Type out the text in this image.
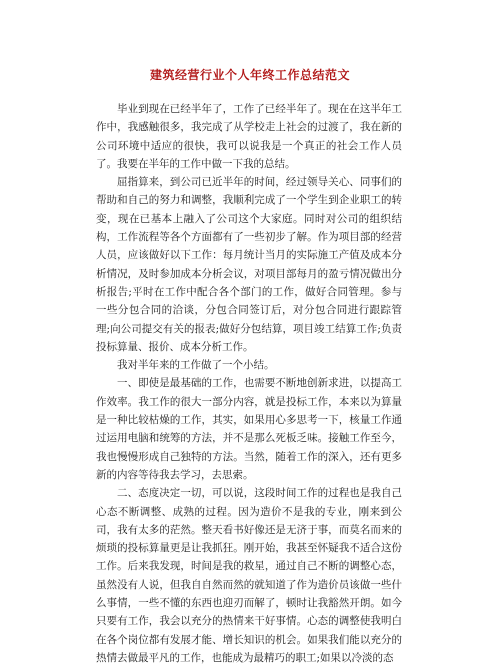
建筑经营行业个人年终工作总结范文

毕业到现在已经半年了，工作了已经半年了。现在在这半年工作中，我感触很多，我完成了从学校走上社会的过渡了，我在新的公司环境中适应的很快，我可以说我是一个真正的社会工作人员了。我要在半年的工作中做一下我的总结。

屈指算来，到公司已近半年的时间，经过领导关心、同事们的帮助和自己的努力和调整，我顺利完成了一个学生到企业职工的转变，现在已基本上融入了公司这个大家庭。同时对公司的组织结构，工作流程等各个方面都有了一些初步了解。作为项目部的经营人员，应该做好以下工作：每月统计当月的实际施工产值及成本分析情况，及时参加成本分析会议，对项目部每月的盈亏情况做出分析报告;平时在工作中配合各个部门的工作，做好合同管理。参与一些分包合同的洽谈，分包合同签订后，对分包合同进行跟踪管理;向公司提交有关的报表;做好分包结算，项目竣工结算工作;负责投标算量、报价、成本分析工作。

我对半年来的工作做了一个小结。

一、即使是最基础的工作，也需要不断地创新求进，以提高工作效率。我工作的很大一部分内容，就是投标工作，本来以为算量是一种比较枯燥的工作，其实，如果用心多思考一下，核量工作通过运用电脑和统筹的方法，并不是那么死板乏味。接触工作至今，我也慢慢形成自己独特的方法。当然，随着工作的深入，还有更多新的内容等待我去学习，去思索。

二、态度决定一切，可以说，这段时间工作的过程也是我自己心态不断调整、成熟的过程。因为造价不是我的专业，刚来到公司，我有太多的茫然。整天看书好像还是无济于事，而莫名而来的烦琐的投标算量更是让我抓狂。刚开始，我甚至怀疑我不适合这份工作。后来我发现，时间是我的救星，通过自己不断的调整心态，虽然没有人说，但我自自然而然的就知道了作为造价员该做一些什么事情，一些不懂的东西也迎刃而解了，顿时让我豁然开朗。如今只要有工作，我会以充分的热情来干好事情。心态的调整使我明白在各个岗位都有发展才能、增长知识的机会。如果我们能以充分的热情去做最平凡的工作，也能成为最精巧的职工;如果以冷淡的态
